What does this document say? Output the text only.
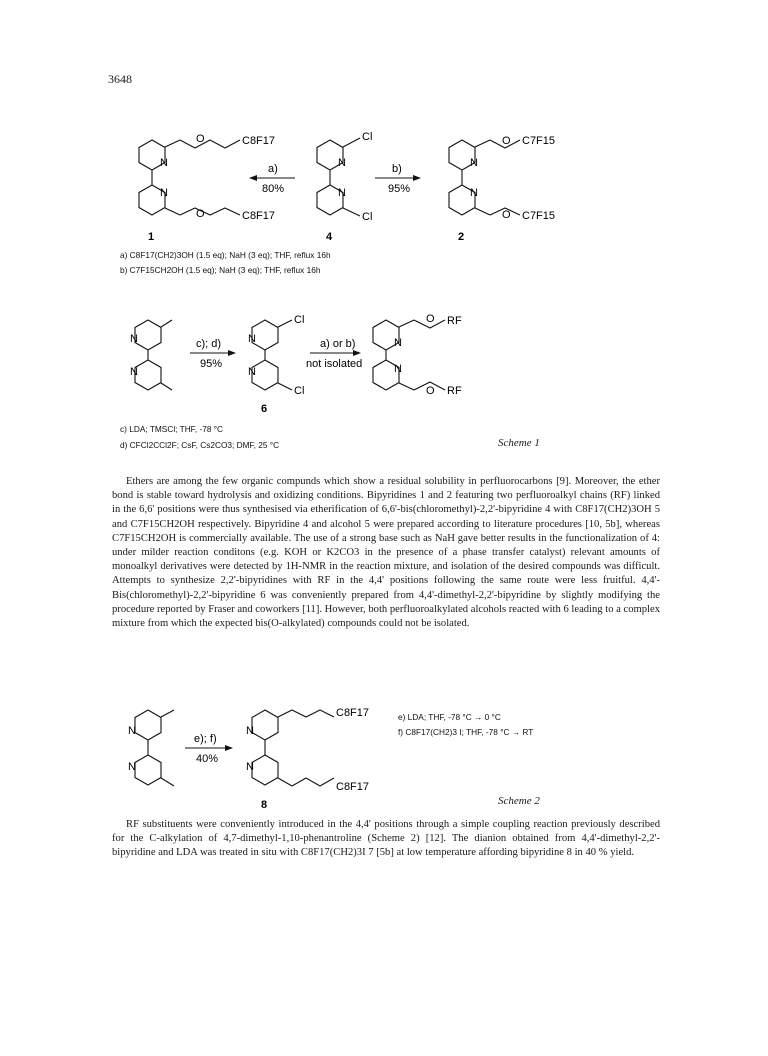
3648
N
N
O
O
C8F17
C8F17
1
a)
80%
N
N
Cl
Cl
4
b)
95%
N
N
O
O
C7F15
C7F15
2
N
N
c); d)
95%
N
N
Cl
Cl
6
a) or b)
not isolated
N
N
O
O
RF
RF
a) C8F17(CH2)3OH (1.5 eq); NaH (3 eq); THF, reflux 16h
b) C7F15CH2OH (1.5 eq); NaH (3 eq); THF, reflux 16h
c) LDA; TMSCl; THF, -78 °C
d) CFCl2CCl2F; CsF, Cs2CO3; DMF, 25 °C	Scheme 1

Ethers are among the few organic compunds which show a residual solubility in perfluorocarbons [9]. Moreover, the ether bond is stable toward hydrolysis and oxidizing conditions. Bipyridines 1 and 2 featuring two perfluoroalkyl chains (RF) linked in the 6,6' positions were thus synthesised via etherification of 6,6'-bis(chloromethyl)-2,2'-bipyridine 4 with C8F17(CH2)3OH 5 and C7F15CH2OH respectively. Bipyridine 4 and alcohol 5 were prepared according to literature procedures [10, 5b], whereas C7F15CH2OH is commercially available. The use of a strong base such as NaH gave better results in the functionalization of 4: under milder reaction conditons (e.g. KOH or K2CO3 in the presence of a phase transfer catalyst) relevant amounts of monoalkyl derivatives were detected by 1H-NMR in the reaction mixture, and isolation of the desired compounds was difficult. Attempts to synthesize 2,2'-bipyridines with RF in the 4,4' positions following the same route were less fruitful. 4,4'-Bis(chloromethyl)-2,2'-bipyridine 6 was conveniently prepared from 4,4'-dimethyl-2,2'-bipyridine by slightly modifying the procedure reported by Fraser and coworkers [11]. However, both perfluoroalkylated alcohols reacted with 6 leading to a complex mixture from which the expected bis(O-alkylated) compounds could not be isolated.

N
N
e); f)
40%
N
N
C8F17
C8F17
8
e) LDA; THF, -78 °C → 0 °C
f) C8F17(CH2)3 I; THF, -78 °C → RT
Scheme 2

RF substituents were conveniently introduced in the 4,4' positions through a simple coupling reaction previously described for the C-alkylation of 4,7-dimethyl-1,10-phenantroline (Scheme 2) [12]. The dianion obtained from 4,4'-dimethyl-2,2'-bipyridine and LDA was treated in situ with C8F17(CH2)3I 7 [5b] at low temperature affording bipyridine 8 in 40 % yield.
